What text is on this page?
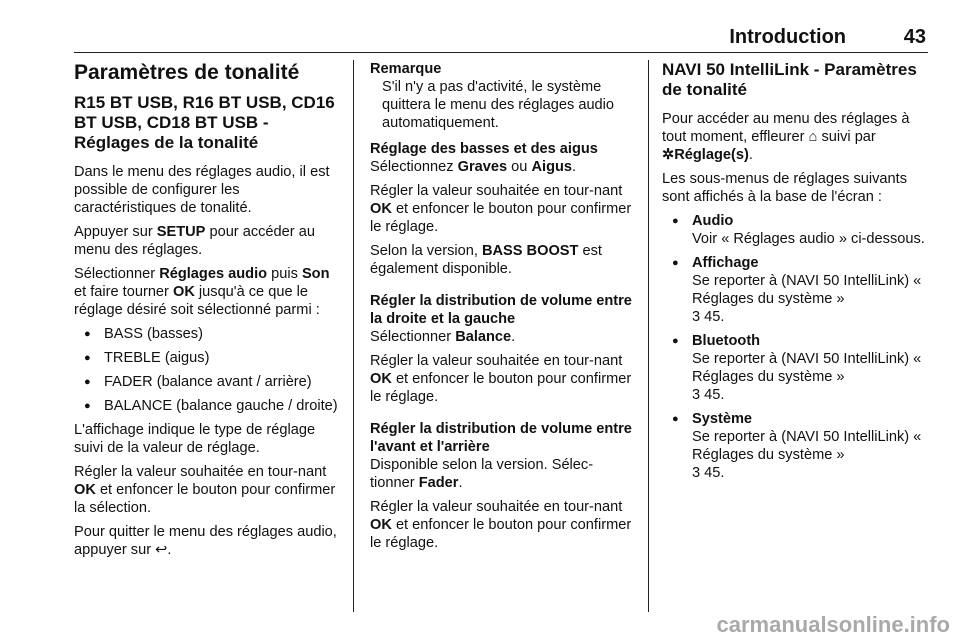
Introduction	43
Paramètres de tonalité
R15 BT USB, R16 BT USB, CD16 BT USB, CD18 BT USB - Réglages de la tonalité

Dans le menu des réglages audio, il est possible de configurer les caractéristiques de tonalité.

Appuyer sur SETUP pour accéder au menu des réglages.

Sélectionner Réglages audio puis Son et faire tourner OK jusqu'à ce que le réglage désiré soit sélectionné parmi :

● BASS (basses)
● TREBLE (aigus)
● FADER (balance avant / arrière)
● BALANCE (balance gauche / droite)

L'affichage indique le type de réglage suivi de la valeur de réglage.

Régler la valeur souhaitée en tour-nant OK et enfoncer le bouton pour confirmer la sélection.

Pour quitter le menu des réglages audio, appuyer sur ↩.

Remarque
S'il n'y a pas d'activité, le système quittera le menu des réglages audio automatiquement.
Réglage des basses et des aigus

Sélectionnez Graves ou Aigus.

Régler la valeur souhaitée en tour-nant OK et enfoncer le bouton pour confirmer le réglage.

Selon la version, BASS BOOST est également disponible.

Régler la distribution de volume entre la droite et la gauche

Sélectionner Balance.

Régler la valeur souhaitée en tour-nant OK et enfoncer le bouton pour confirmer le réglage.

Régler la distribution de volume entre l'avant et l'arrière

Disponible selon la version. Sélec-tionner Fader.

Régler la valeur souhaitée en tour-nant OK et enfoncer le bouton pour confirmer le réglage.

NAVI 50 IntelliLink - Paramètres de tonalité

Pour accéder au menu des réglages à tout moment, effleurer ⌂ suivi par
✲Réglage(s).

Les sous-menus de réglages suivants sont affichés à la base de l'écran :

● Audio
Voir « Réglages audio » ci-dessous.
● Affichage
Se reporter à (NAVI 50 IntelliLink) « Réglages du système »
3 45.
● Bluetooth
Se reporter à (NAVI 50 IntelliLink) « Réglages du système »
3 45.
● Système
Se reporter à (NAVI 50 IntelliLink) « Réglages du système »
3 45.
carmanualsonline.info
